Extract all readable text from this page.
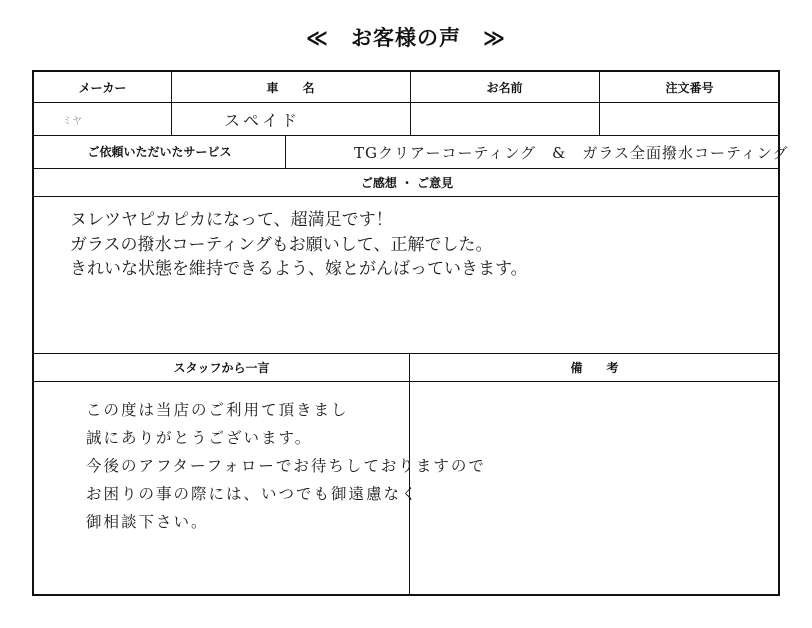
≪　お客様の声　≫
メーカー	車　　名	お名前	注文番号
ミヤ	スペイド
ご依頼いただいたサービス	TGクリアーコーティング　&　ガラス全面撥水コーティング
ご感想 ・ ご意見
ヌレツヤピカピカになって、超満足です！
ガラスの撥水コーティングもお願いして、正解でした。
きれいな状態を維持できるよう、嫁とがんばっていきます。
スタッフから一言	備　　考
この度は当店のご利用て頂きまし
誠にありがとうございます。
今後のアフターフォローでお待ちしておりますので
お困りの事の際には、いつでも御遠慮なく
御相談下さい。
